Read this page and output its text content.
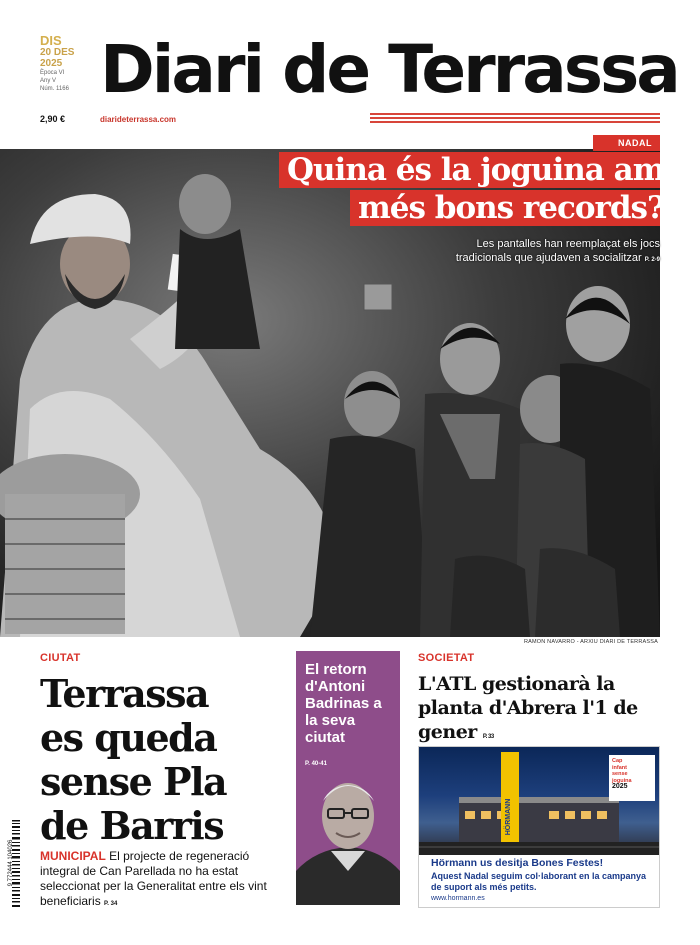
DIS
20 DES
2025
Època VI
Any V
Núm. 1166
2,90 €
Diari de Terrassa
diarideterrassa.com
RAMON NAVARRO - ARXIU DIARI DE TERRASSA
NADAL
Quina és la joguina amb
més bons records?
Les pantalles han reemplaçat els jocs
tradicionals que ajudaven a socialitzar P. 2-9
CIUTAT
Terrassa
es queda
sense Pla
de Barris
MUNICIPAL El projecte de regeneració integral de Can Parellada no ha estat seleccionat per la Generalitat entre els vint beneficiaris P. 34
9 772444 104026
El retorn d'Antoni Badrinas a la seva ciutat
P. 40-41
SOCIETAT
L'ATL gestionarà la planta d'Abrera l'1 de gener P. 33
HÖRMANN
Cap
infant
sense
joguina
2025
Hörmann us desitja Bones Festes!
Aquest Nadal seguim col·laborant en la campanya de suport als més petits.
www.hormann.es
